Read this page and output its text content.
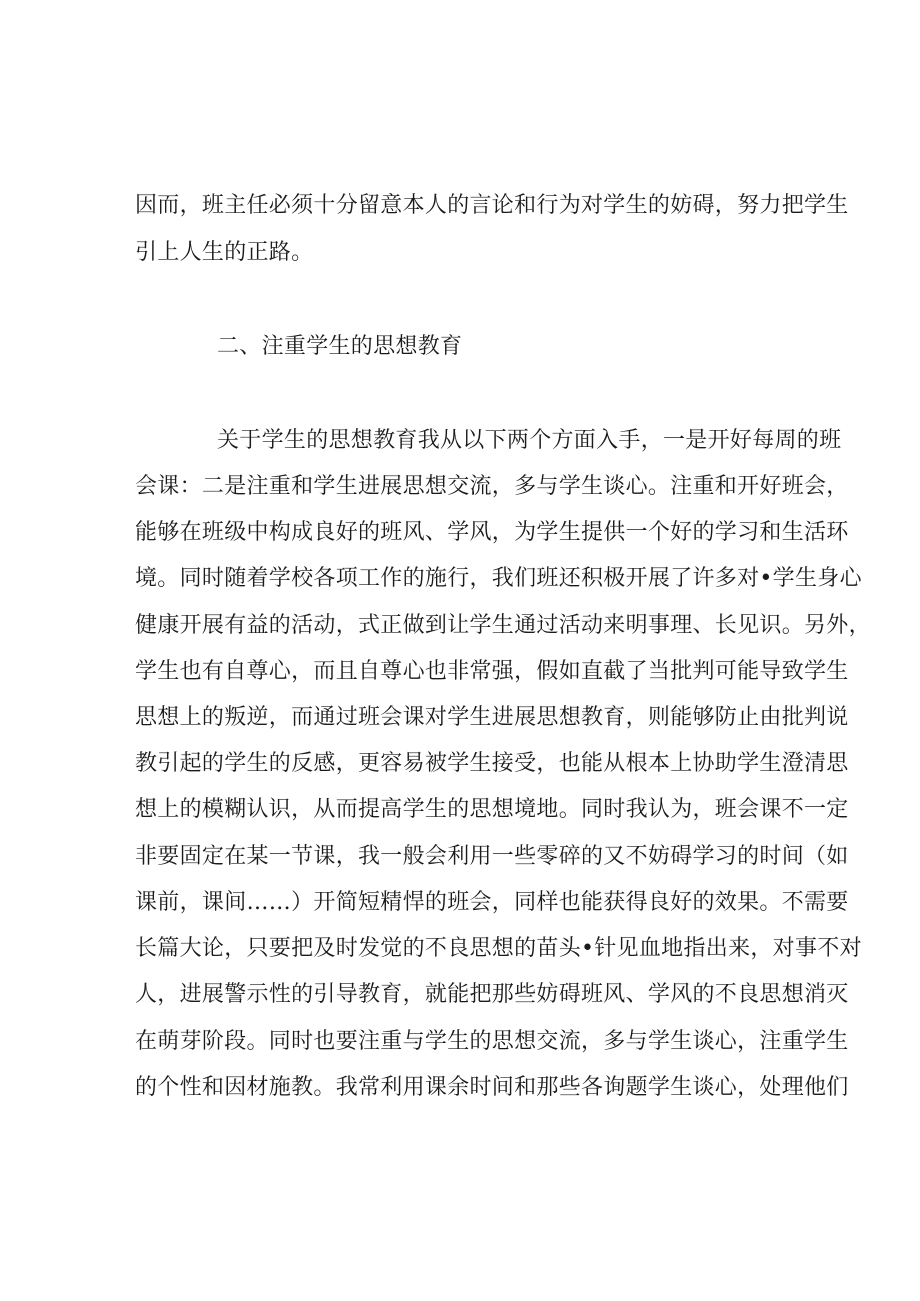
因而，班主任必须十分留意本人的言论和行为对学生的妨碍，努力把学生
引上人生的正路。
二、注重学生的思想教育
关于学生的思想教育我从以下两个方面入手，一是开好每周的班
会课：二是注重和学生进展思想交流，多与学生谈心。注重和开好班会，
能够在班级中构成良好的班风、学风，为学生提供一个好的学习和生活环
境。同时随着学校各项工作的施行，我们班还积极开展了许多对•学生身心
健康开展有益的活动，式正做到让学生通过活动来明事理、长见识。另外，
学生也有自尊心，而且自尊心也非常强，假如直截了当批判可能导致学生
思想上的叛逆，而通过班会课对学生进展思想教育，则能够防止由批判说
教引起的学生的反感，更容易被学生接受，也能从根本上协助学生澄清思
想上的模糊认识，从而提高学生的思想境地。同时我认为，班会课不一定
非要固定在某一节课，我一般会利用一些零碎的又不妨碍学习的时间（如
课前，课间……）开简短精悍的班会，同样也能获得良好的效果。不需要
长篇大论，只要把及时发觉的不良思想的苗头•针见血地指出来，对事不对
人，进展警示性的引导教育，就能把那些妨碍班风、学风的不良思想消灭
在萌芽阶段。同时也要注重与学生的思想交流，多与学生谈心，注重学生
的个性和因材施教。我常利用课余时间和那些各询题学生谈心，处理他们
